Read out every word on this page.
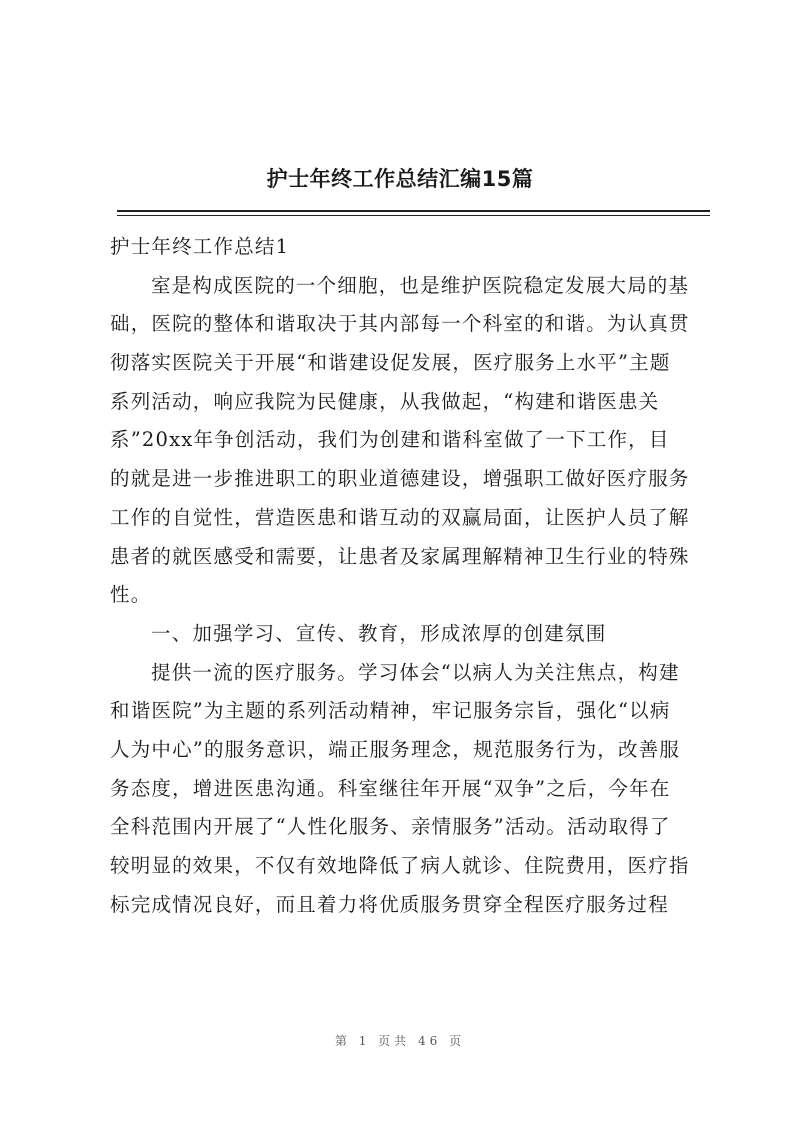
护士年终工作总结汇编15篇
护士年终工作总结1
室是构成医院的一个细胞，也是维护医院稳定发展大局的基
础，医院的整体和谐取决于其内部每一个科室的和谐。为认真贯
彻落实医院关于开展“和谐建设促发展，医疗服务上水平”主题
系列活动，响应我院为民健康，从我做起，“构建和谐医患关
系”20xx年争创活动，我们为创建和谐科室做了一下工作，目
的就是进一步推进职工的职业道德建设，增强职工做好医疗服务
工作的自觉性，营造医患和谐互动的双赢局面，让医护人员了解
患者的就医感受和需要，让患者及家属理解精神卫生行业的特殊
性。
一、加强学习、宣传、教育，形成浓厚的创建氛围
提供一流的医疗服务。学习体会“以病人为关注焦点，构建
和谐医院”为主题的系列活动精神，牢记服务宗旨，强化“以病
人为中心”的服务意识，端正服务理念，规范服务行为，改善服
务态度，增进医患沟通。科室继往年开展“双争”之后，今年在
全科范围内开展了“人性化服务、亲情服务”活动。活动取得了
较明显的效果，不仅有效地降低了病人就诊、住院费用，医疗指
标完成情况良好，而且着力将优质服务贯穿全程医疗服务过程
第 1 页共 46 页
